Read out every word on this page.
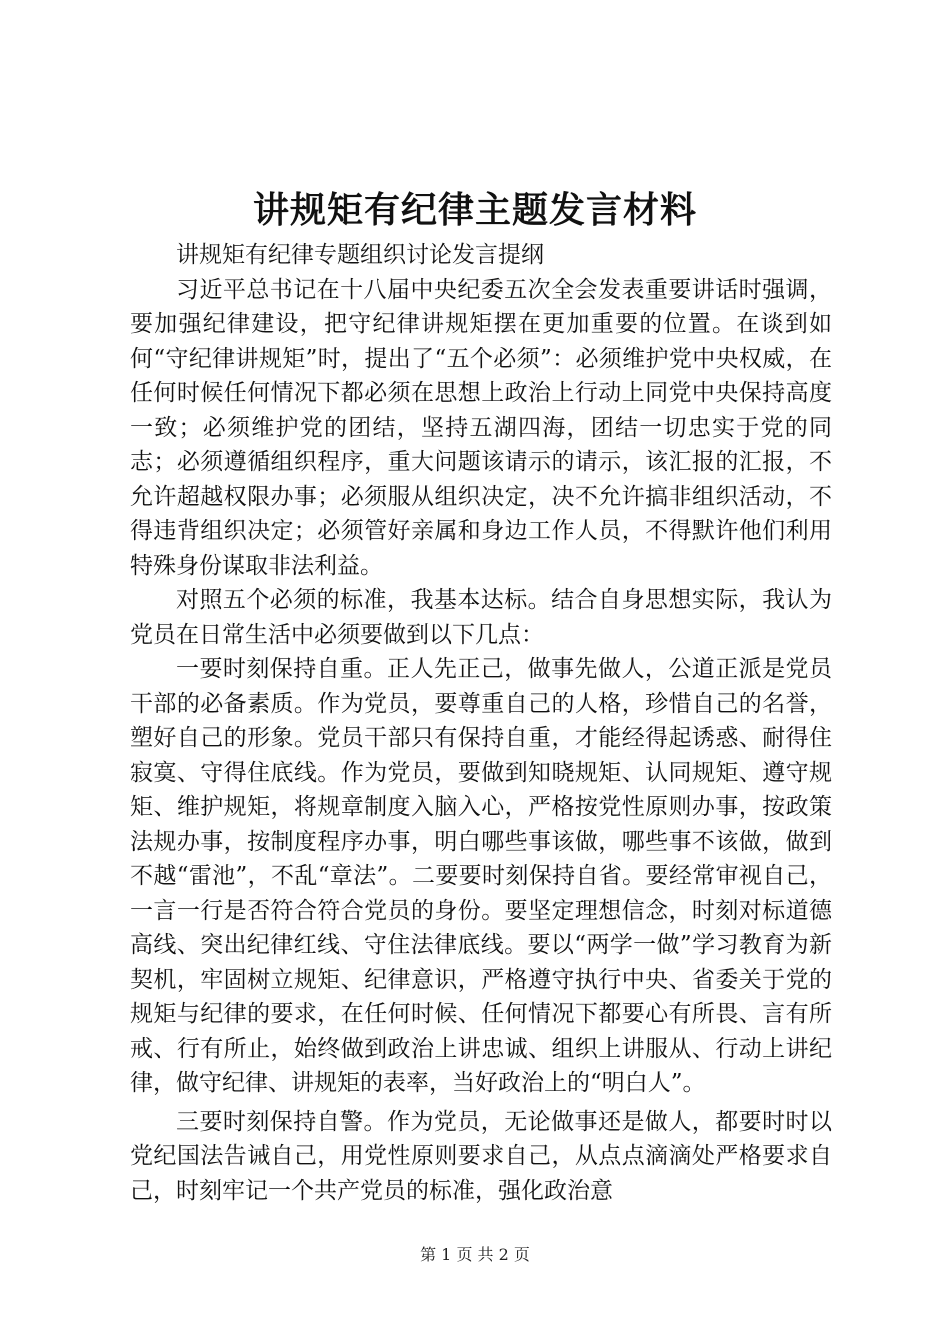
讲规矩有纪律主题发言材料

讲规矩有纪律专题组织讨论发言提纲

习近平总书记在十八届中央纪委五次全会发表重要讲话时强调，要加强纪律建设，把守纪律讲规矩摆在更加重要的位置。在谈到如何“守纪律讲规矩”时，提出了“五个必须”：必须维护党中央权威，在任何时候任何情况下都必须在思想上政治上行动上同党中央保持高度一致；必须维护党的团结，坚持五湖四海，团结一切忠实于党的同志；必须遵循组织程序，重大问题该请示的请示，该汇报的汇报，不允许超越权限办事；必须服从组织决定，决不允许搞非组织活动，不得违背组织决定；必须管好亲属和身边工作人员，不得默许他们利用特殊身份谋取非法利益。

对照五个必须的标准，我基本达标。结合自身思想实际，我认为党员在日常生活中必须要做到以下几点：

一要时刻保持自重。正人先正己，做事先做人，公道正派是党员干部的必备素质。作为党员，要尊重自己的人格，珍惜自己的名誉，塑好自己的形象。党员干部只有保持自重，才能经得起诱惑、耐得住寂寞、守得住底线。作为党员，要做到知晓规矩、认同规矩、遵守规矩、维护规矩，将规章制度入脑入心，严格按党性原则办事，按政策法规办事，按制度程序办事，明白哪些事该做，哪些事不该做，做到不越“雷池”，不乱“章法”。二要要时刻保持自省。要经常审视自己，一言一行是否符合符合党员的身份。要坚定理想信念，时刻对标道德高线、突出纪律红线、守住法律底线。要以“两学一做”学习教育为新契机，牢固树立规矩、纪律意识，严格遵守执行中央、省委关于党的规矩与纪律的要求，在任何时候、任何情况下都要心有所畏、言有所戒、行有所止，始终做到政治上讲忠诚、组织上讲服从、行动上讲纪律，做守纪律、讲规矩的表率，当好政治上的“明白人”。

三要时刻保持自警。作为党员，无论做事还是做人，都要时时以党纪国法告诫自己，用党性原则要求自己，从点点滴滴处严格要求自己，时刻牢记一个共产党员的标准，强化政治意

第 1 页 共 2 页
